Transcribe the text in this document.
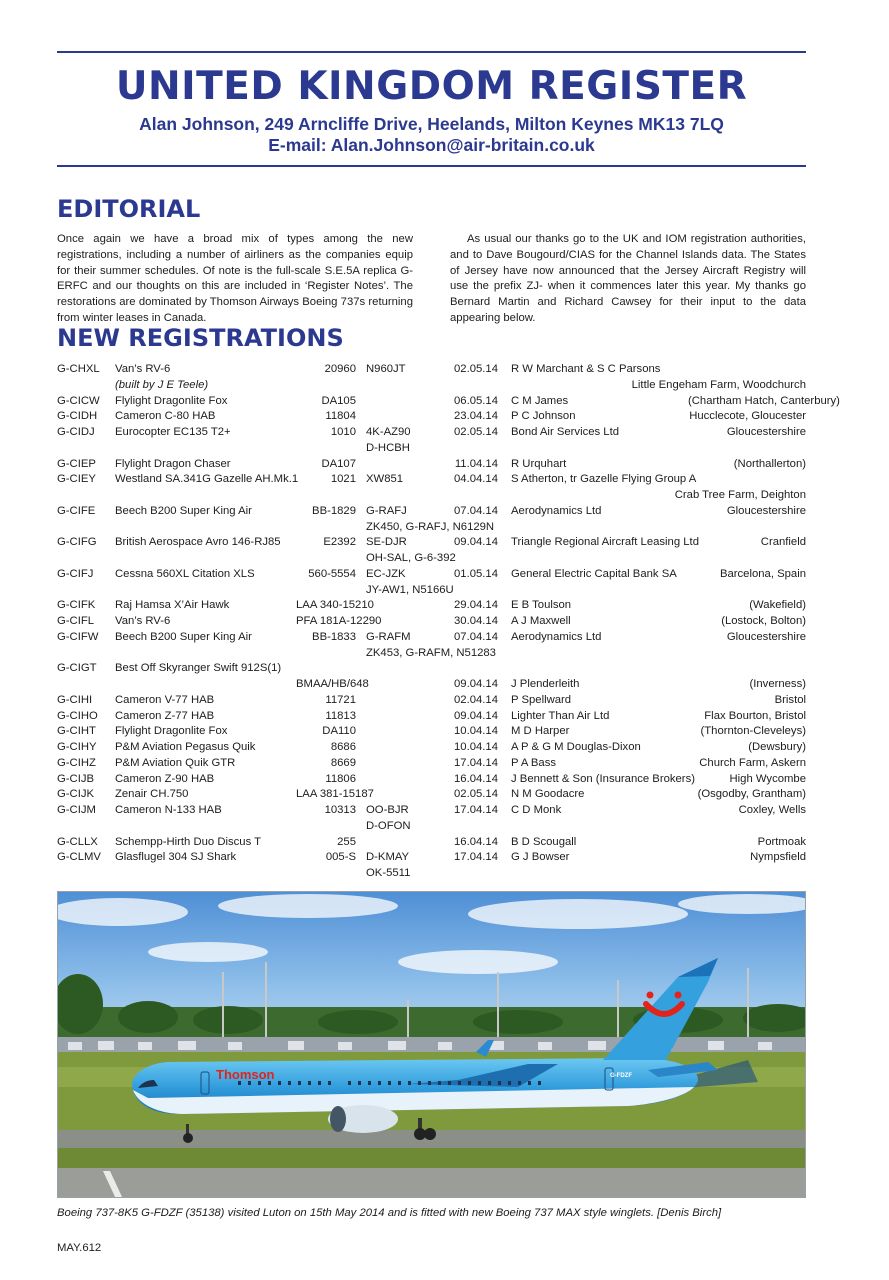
UNITED KINGDOM REGISTER
Alan Johnson, 249 Arncliffe Drive, Heelands, Milton Keynes MK13 7LQ
E-mail: Alan.Johnson@air-britain.co.uk
EDITORIAL

Once again we have a broad mix of types among the new registrations, including a number of airliners as the companies equip for their summer schedules. Of note is the full-scale S.E.5A replica G-ERFC and our thoughts on this are included in ‘Register Notes’. The restorations are dominated by Thomson Airways Boeing 737s returning from winter leases in Canada.

As usual our thanks go to the UK and IOM registration authorities, and to Dave Bougourd/CIAS for the Channel Islands data. The States of Jersey have now announced that the Jersey Aircraft Registry will use the prefix ZJ- when it commences later this year. My thanks go Bernard Martin and Richard Cawsey for their input to the data appearing below.

NEW REGISTRATIONS
G-CHXL	Van’s RV-6	20960	N960JT	02.05.14	R W Marchant & S C Parsons	
	(built by J E Teele)				Little Engeham Farm, Woodchurch	
G-CICW	Flylight Dragonlite Fox	DA105		06.05.14	C M James	(Chartham Hatch, Canterbury)
G-CIDH	Cameron C-80 HAB	11804		23.04.14	P C Johnson	Hucclecote, Gloucester
G-CIDJ	Eurocopter EC135 T2+	1010	4K-AZ90	02.05.14	Bond Air Services Ltd	Gloucestershire
			D-HCBH			
G-CIEP	Flylight Dragon Chaser	DA107		11.04.14	R Urquhart	(Northallerton)
G-CIEY	Westland SA.341G Gazelle AH.Mk.1	1021	XW851	04.04.14	S Atherton, tr Gazelle Flying Group A	
					Crab Tree Farm, Deighton	
G-CIFE	Beech B200 Super King Air	BB-1829	G-RAFJ	07.04.14	Aerodynamics Ltd	Gloucestershire
			ZK450, G-RAFJ, N6129N			
G-CIFG	British Aerospace Avro 146-RJ85	E2392	SE-DJR	09.04.14	Triangle Regional Aircraft Leasing Ltd	Cranfield
			OH-SAL, G-6-392			
G-CIFJ	Cessna 560XL Citation XLS	560-5554	EC-JZK	01.05.14	General Electric Capital Bank SA	Barcelona, Spain
			JY-AW1, N5166U			
G-CIFK	Raj Hamsa X’Air Hawk	LAA 340-15210		29.04.14	E B Toulson	(Wakefield)
G-CIFL	Van’s RV-6	PFA 181A-12290		30.04.14	A J Maxwell	(Lostock, Bolton)
G-CIFW	Beech B200 Super King Air	BB-1833	G-RAFM	07.04.14	Aerodynamics Ltd	Gloucestershire
			ZK453, G-RAFM, N51283			
G-CIGT	Best Off Skyranger Swift 912S(1)					
		BMAA/HB/648		09.04.14	J Plenderleith	(Inverness)
G-CIHI	Cameron V-77 HAB	11721		02.04.14	P Spellward	Bristol
G-CIHO	Cameron Z-77 HAB	11813		09.04.14	Lighter Than Air Ltd	Flax Bourton, Bristol
G-CIHT	Flylight Dragonlite Fox	DA110		10.04.14	M D Harper	(Thornton-Cleveleys)
G-CIHY	P&M Aviation Pegasus Quik	8686		10.04.14	A P & G M Douglas-Dixon	(Dewsbury)
G-CIHZ	P&M Aviation Quik GTR	8669		17.04.14	P A Bass	Church Farm, Askern
G-CIJB	Cameron Z-90 HAB	11806		16.04.14	J Bennett & Son (Insurance Brokers)	High Wycombe
G-CIJK	Zenair CH.750	LAA 381-15187		02.05.14	N M Goodacre	(Osgodby, Grantham)
G-CIJM	Cameron N-133 HAB	10313	OO-BJR	17.04.14	C D Monk	Coxley, Wells
			D-OFON			
G-CLLX	Schempp-Hirth Duo Discus T	255		16.04.14	B D Scougall	Portmoak
G-CLMV	Glasflugel 304 SJ Shark	005-S	D-KMAY	17.04.14	G J Bowser	Nympsfield
			OK-5511			
Thomson	G-FDZF
Boeing 737-8K5 G-FDZF (35138) visited Luton on 15th May 2014 and is fitted with new Boeing 737 MAX style winglets. [Denis Birch]
MAY.612
